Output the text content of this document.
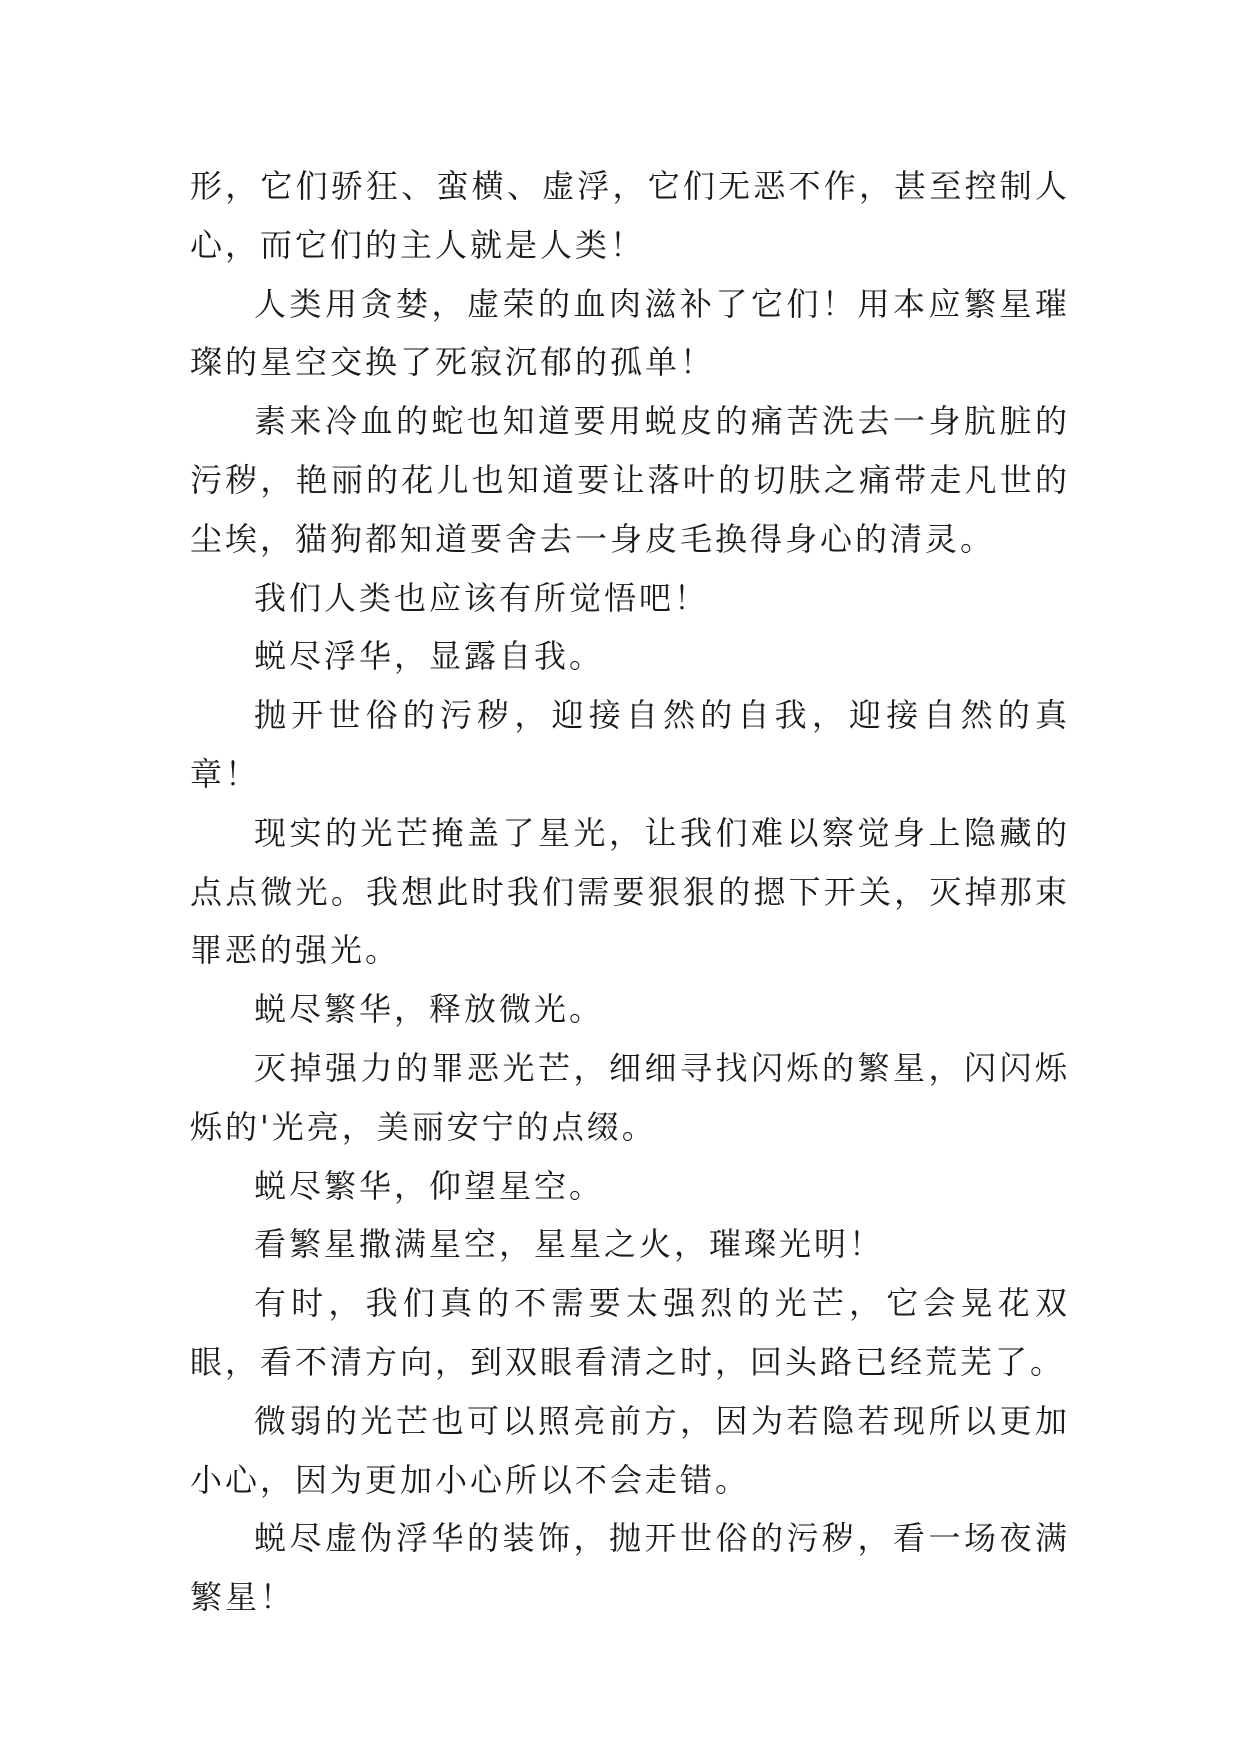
形，它们骄狂、蛮横、虚浮，它们无恶不作，甚至控制人心，而它们的主人就是人类！

人类用贪婪，虚荣的血肉滋补了它们！用本应繁星璀璨的星空交换了死寂沉郁的孤单！

素来冷血的蛇也知道要用蜕皮的痛苦洗去一身肮脏的污秽，艳丽的花儿也知道要让落叶的切肤之痛带走凡世的尘埃，猫狗都知道要舍去一身皮毛换得身心的清灵。

我们人类也应该有所觉悟吧！

蜕尽浮华，显露自我。

抛开世俗的污秽，迎接自然的自我，迎接自然的真章！

现实的光芒掩盖了星光，让我们难以察觉身上隐藏的点点微光。我想此时我们需要狠狠的摁下开关，灭掉那束罪恶的强光。

蜕尽繁华，释放微光。

灭掉强力的罪恶光芒，细细寻找闪烁的繁星，闪闪烁烁的'光亮，美丽安宁的点缀。

蜕尽繁华，仰望星空。

看繁星撒满星空，星星之火，璀璨光明！

有时，我们真的不需要太强烈的光芒，它会晃花双眼，看不清方向，到双眼看清之时，回头路已经荒芜了。

微弱的光芒也可以照亮前方，因为若隐若现所以更加小心，因为更加小心所以不会走错。

蜕尽虚伪浮华的装饰，抛开世俗的污秽，看一场夜满繁星！
